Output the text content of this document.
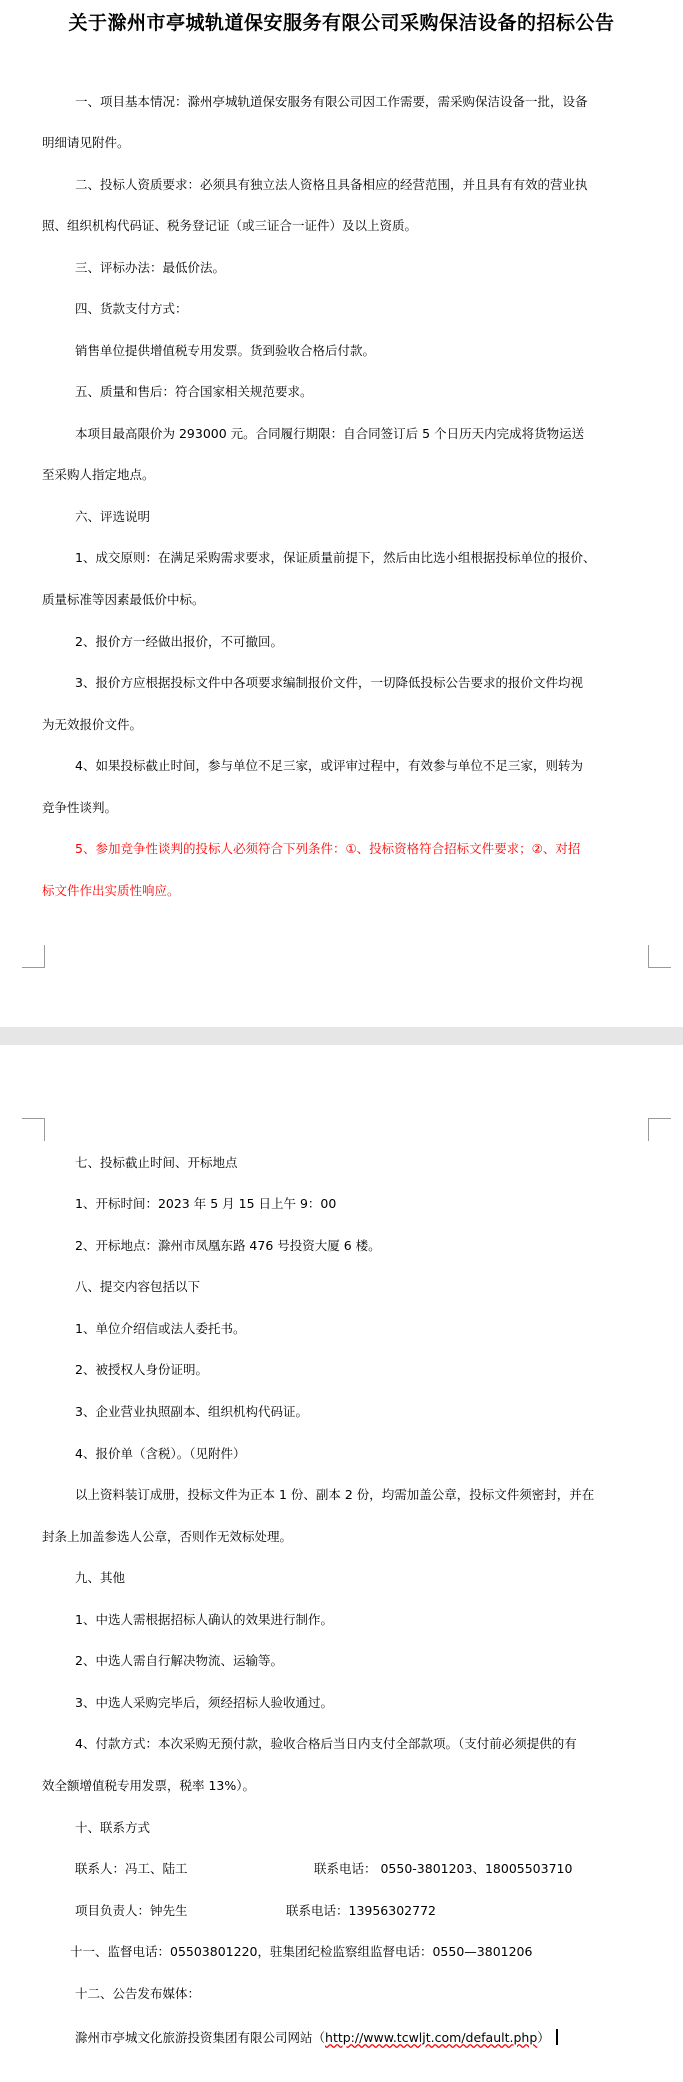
关于滁州市亭城轨道保安服务有限公司采购保洁设备的招标公告
一、项目基本情况：滁州亭城轨道保安服务有限公司因工作需要，需采购保洁设备一批，设备
明细请见附件。
二、投标人资质要求：必须具有独立法人资格且具备相应的经营范围，并且具有有效的营业执
照、组织机构代码证、税务登记证（或三证合一证件）及以上资质。
三、评标办法：最低价法。
四、货款支付方式：
销售单位提供增值税专用发票。货到验收合格后付款。
五、质量和售后：符合国家相关规范要求。
本项目最高限价为 293000 元。合同履行期限：自合同签订后 5 个日历天内完成将货物运送
至采购人指定地点。
六、评选说明
1、成交原则：在满足采购需求要求，保证质量前提下，然后由比选小组根据投标单位的报价、
质量标准等因素最低价中标。
2、报价方一经做出报价，不可撤回。
3、报价方应根据投标文件中各项要求编制报价文件，一切降低投标公告要求的报价文件均视
为无效报价文件。
4、如果投标截止时间，参与单位不足三家，或评审过程中，有效参与单位不足三家，则转为
竞争性谈判。
5、参加竞争性谈判的投标人必须符合下列条件：①、投标资格符合招标文件要求；②、对招
标文件作出实质性响应。
七、投标截止时间、开标地点
1、开标时间：2023 年 5 月 15 日上午 9：00
2、开标地点：滁州市凤凰东路 476 号投资大厦 6 楼。
八、提交内容包括以下
1、单位介绍信或法人委托书。
2、被授权人身份证明。
3、企业营业执照副本、组织机构代码证。
4、报价单（含税）。（见附件）
以上资料装订成册，投标文件为正本 1 份、副本 2 份，均需加盖公章，投标文件须密封，并在
封条上加盖参选人公章，否则作无效标处理。
九、其他
1、中选人需根据招标人确认的效果进行制作。
2、中选人需自行解决物流、运输等。
3、中选人采购完毕后，须经招标人验收通过。
4、付款方式：本次采购无预付款，验收合格后当日内支付全部款项。（支付前必须提供的有
效全额增值税专用发票，税率 13%）。
十、联系方式
联系人：冯工、陆工	联系电话： 0550-3801203、18005503710
项目负责人：钟先生	联系电话：13956302772
十一、监督电话：05503801220，驻集团纪检监察组监督电话：0550—3801206
十二、公告发布媒体：
滁州市亭城文化旅游投资集团有限公司网站（http://www.tcwljt.com/default.php）
